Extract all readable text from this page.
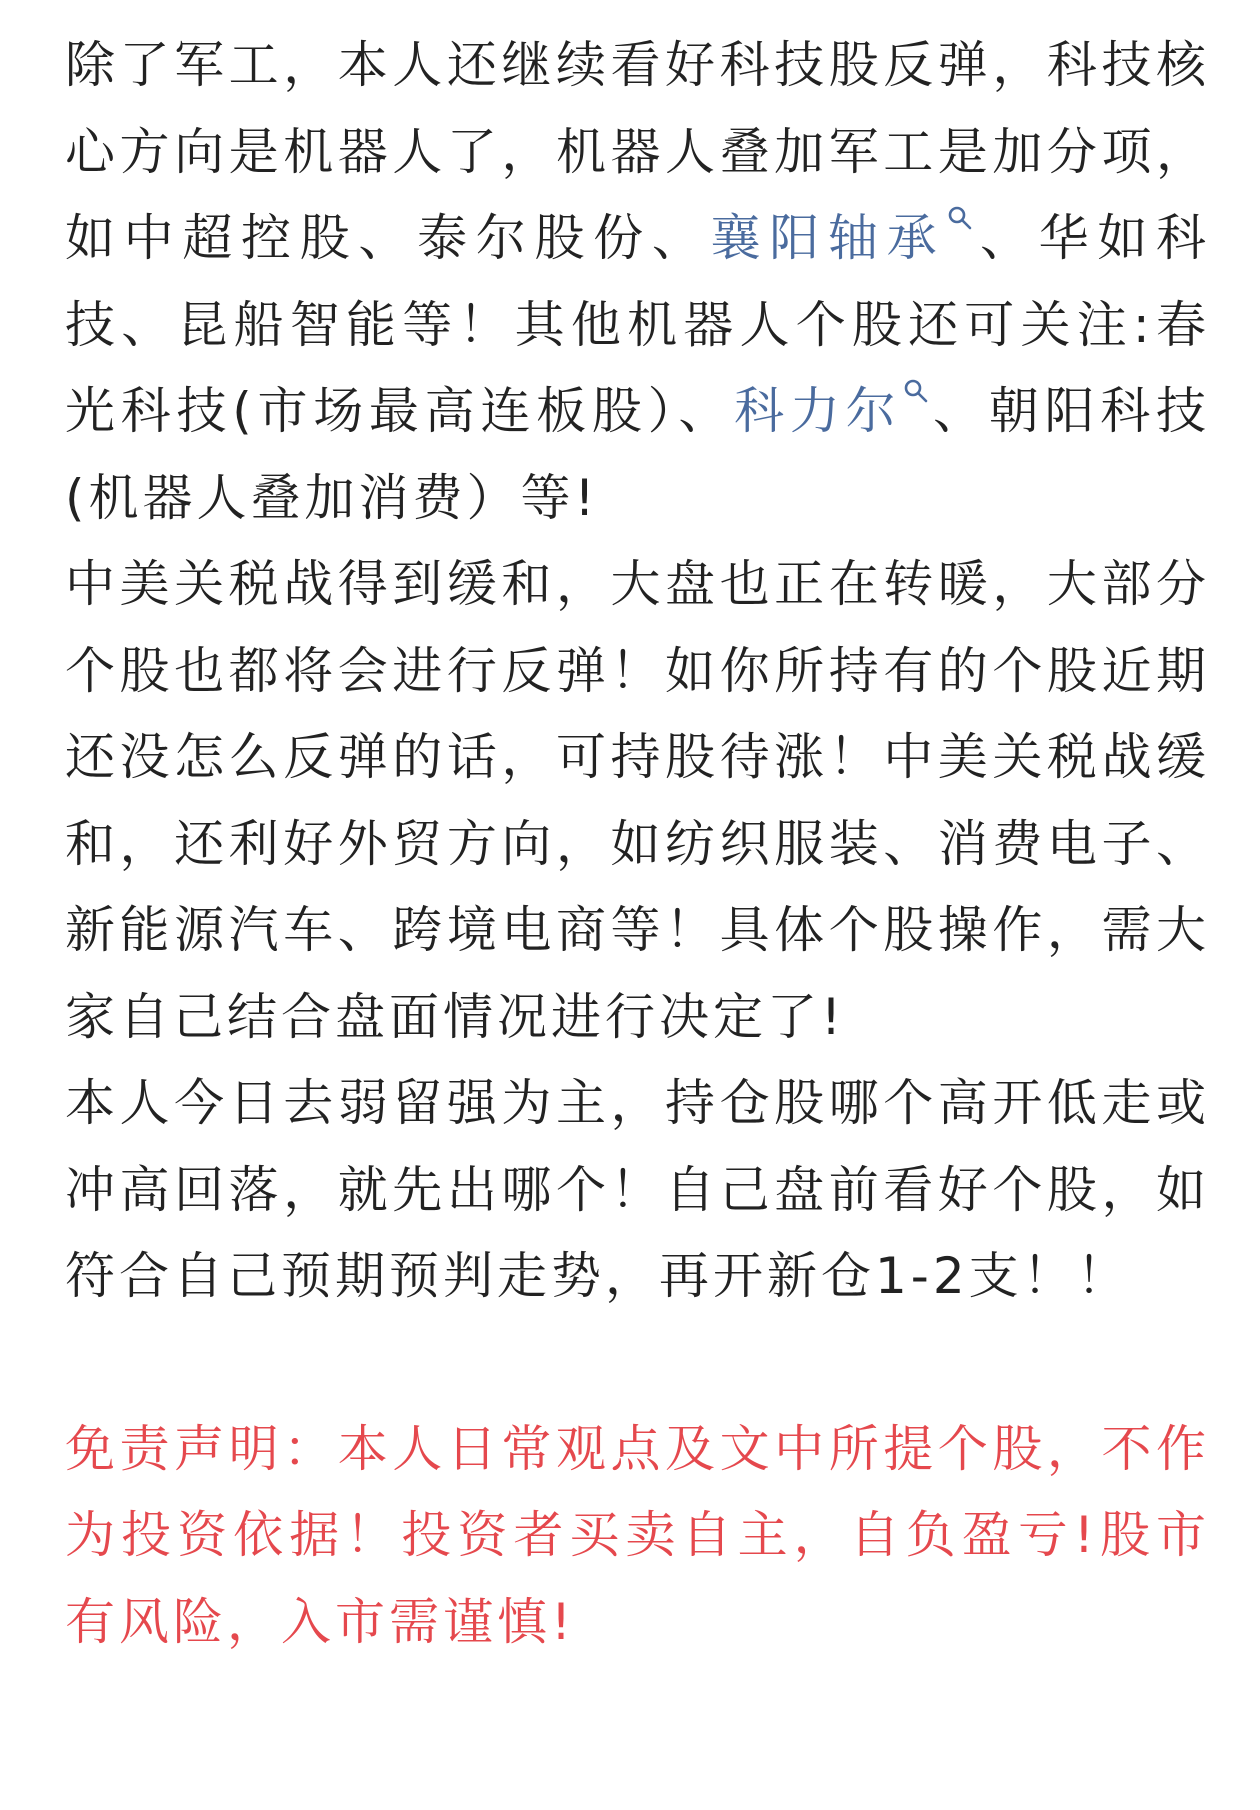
除了军工，本人还继续看好科技股反弹，科技核心方向是机器人了，机器人叠加军工是加分项，如中超控股、泰尔股份、襄阳轴承 、华如科技、昆船智能等！其他机器人个股还可关注:春光科技(市场最高连板股）、科力尔 、朝阳科技(机器人叠加消费）等!

中美关税战得到缓和，大盘也正在转暖，大部分个股也都将会进行反弹！如你所持有的个股近期还没怎么反弹的话，可持股待涨！中美关税战缓和，还利好外贸方向，如纺织服装、消费电子、新能源汽车、跨境电商等！具体个股操作，需大家自己结合盘面情况进行决定了!

本人今日去弱留强为主，持仓股哪个高开低走或冲高回落，就先出哪个！自己盘前看好个股，如符合自己预期预判走势，再开新仓1-2支！！

免责声明：本人日常观点及文中所提个股，不作为投资依据！投资者买卖自主，自负盈亏!股市有风险，入市需谨慎!
